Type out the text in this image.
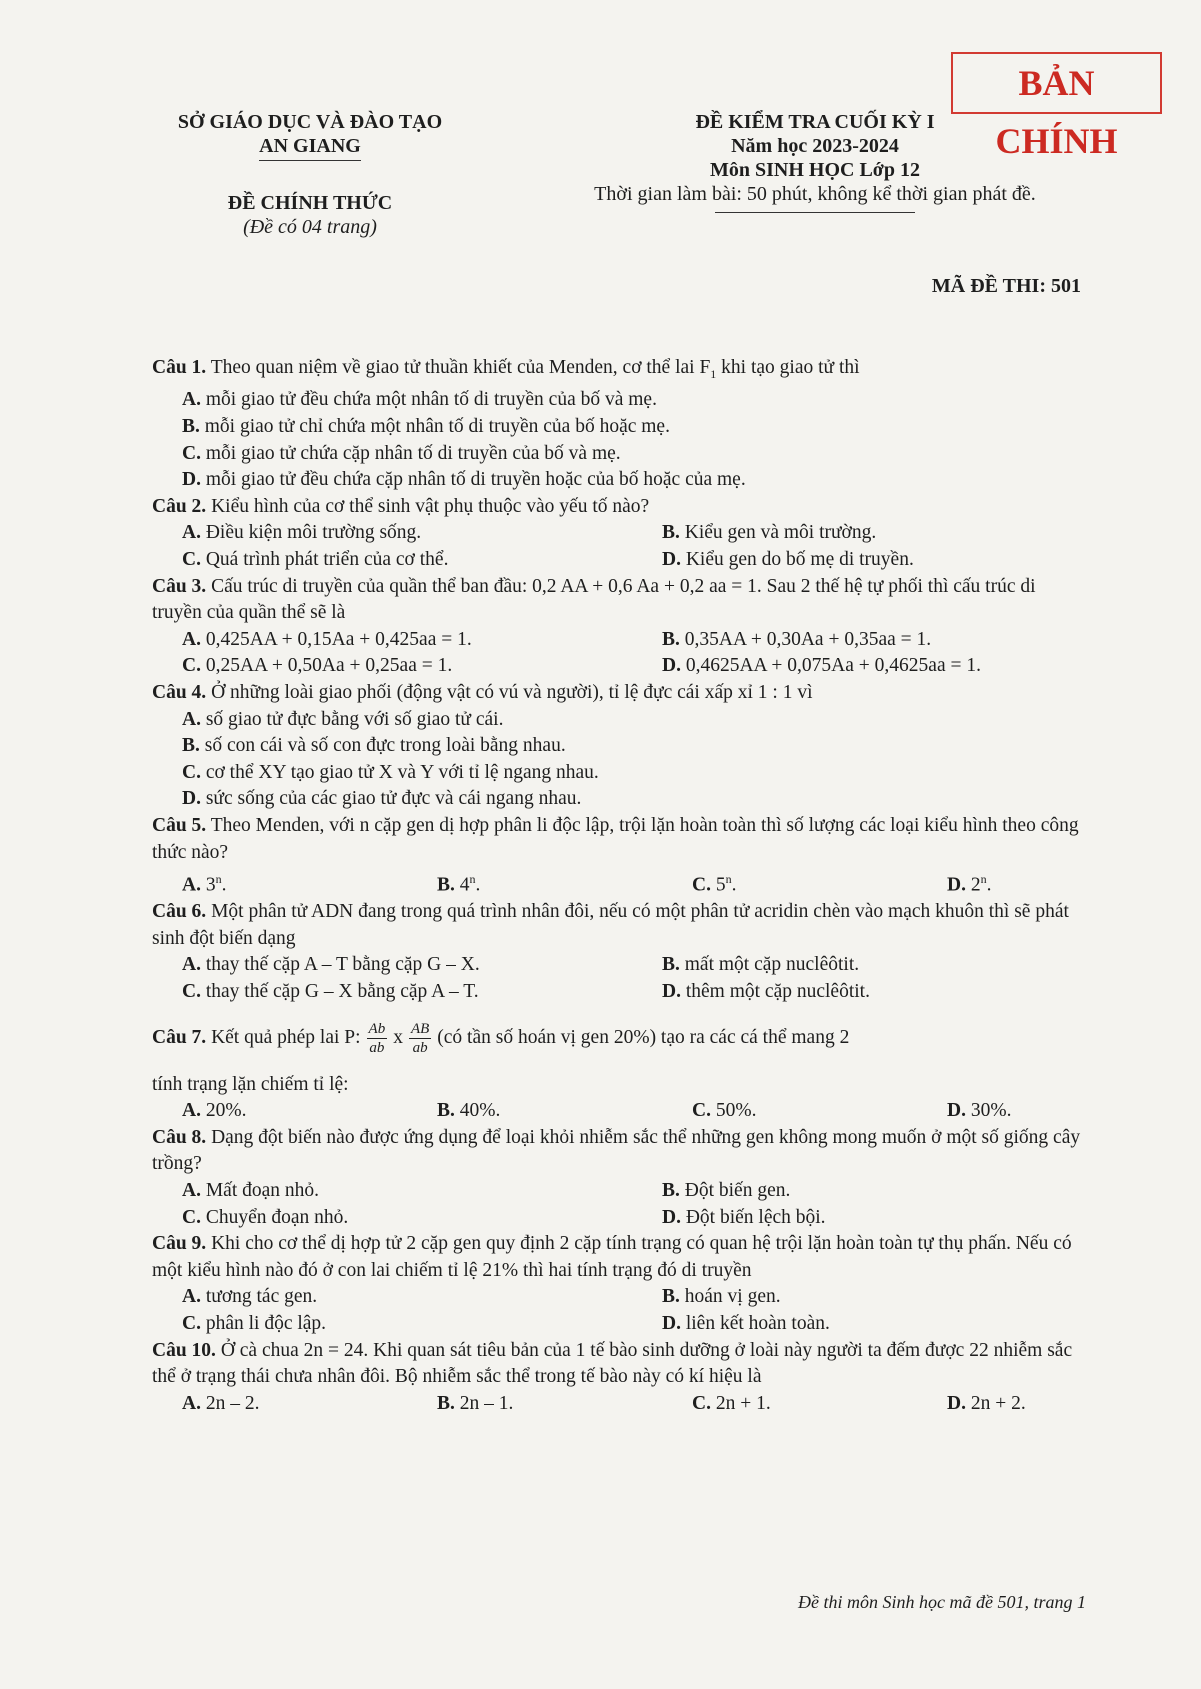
BẢN CHÍNH
SỞ GIÁO DỤC VÀ ĐÀO TẠO
AN GIANG
ĐỀ CHÍNH THỨC
(Đề có 04 trang)
ĐỀ KIỂM TRA CUỐI KỲ I
Năm học 2023-2024
Môn SINH HỌC Lớp 12
Thời gian làm bài: 50 phút, không kể thời gian phát đề.
MÃ ĐỀ THI: 501
Câu 1. Theo quan niệm về giao tử thuần khiết của Menden, cơ thể lai $F_1$ khi tạo giao tử thì
A. mỗi giao tử đều chứa một nhân tố di truyền của bố và mẹ.
B. mỗi giao tử chỉ chứa một nhân tố di truyền của bố hoặc mẹ.
C. mỗi giao tử chứa cặp nhân tố di truyền của bố và mẹ.
D. mỗi giao tử đều chứa cặp nhân tố di truyền hoặc của bố hoặc của mẹ.
Câu 2. Kiểu hình của cơ thể sinh vật phụ thuộc vào yếu tố nào?
A. Điều kiện môi trường sống.	B. Kiểu gen và môi trường.
C. Quá trình phát triển của cơ thể.	D. Kiểu gen do bố mẹ di truyền.
Câu 3. Cấu trúc di truyền của quần thể ban đầu: 0,2 AA + 0,6 Aa + 0,2 aa = 1. Sau 2 thế hệ tự phối thì cấu trúc di truyền của quần thể sẽ là
A. 0,425AA + 0,15Aa + 0,425aa = 1.	B. 0,35AA + 0,30Aa + 0,35aa = 1.
C. 0,25AA + 0,50Aa + 0,25aa = 1.	D. 0,4625AA + 0,075Aa + 0,4625aa = 1.
Câu 4. Ở những loài giao phối (động vật có vú và người), tỉ lệ đực cái xấp xỉ 1 : 1 vì
A. số giao tử đực bằng với số giao tử cái.
B. số con cái và số con đực trong loài bằng nhau.
C. cơ thể XY tạo giao tử X và Y với tỉ lệ ngang nhau.
D. sức sống của các giao tử đực và cái ngang nhau.
Câu 5. Theo Menden, với n cặp gen dị hợp phân li độc lập, trội lặn hoàn toàn thì số lượng các loại kiểu hình theo công thức nào?
A. 3$^n$.	B. 4$^n$.	C. 5$^n$.	D. 2$^n$.
Câu 6. Một phân tử ADN đang trong quá trình nhân đôi, nếu có một phân tử acridin chèn vào mạch khuôn thì sẽ phát sinh đột biến dạng
A. thay thế cặp A – T bằng cặp G – X.	B. mất một cặp nuclêôtit.
C. thay thế cặp G – X bằng cặp A – T.	D. thêm một cặp nuclêôtit.
Câu 7.
Kết quả phép lai P: $\frac{Ab}{ab}$ x $\frac{AB}{ab}$ (có tần số hoán vị gen 20%) tạo ra các cá thể mang 2
tính trạng lặn chiếm tỉ lệ:
A. 20%.	B. 40%.	C. 50%.	D. 30%.
Câu 8. Dạng đột biến nào được ứng dụng để loại khỏi nhiễm sắc thể những gen không mong muốn ở một số giống cây trồng?
A. Mất đoạn nhỏ.	B. Đột biến gen.
C. Chuyển đoạn nhỏ.	D. Đột biến lệch bội.
Câu 9. Khi cho cơ thể dị hợp tử 2 cặp gen quy định 2 cặp tính trạng có quan hệ trội lặn hoàn toàn tự thụ phấn. Nếu có một kiểu hình nào đó ở con lai chiếm tỉ lệ 21% thì hai tính trạng đó di truyền
A. tương tác gen.	B. hoán vị gen.
C. phân li độc lập.	D. liên kết hoàn toàn.
Câu 10. Ở cà chua 2n = 24. Khi quan sát tiêu bản của 1 tế bào sinh dưỡng ở loài này người ta đếm được 22 nhiễm sắc thể ở trạng thái chưa nhân đôi. Bộ nhiễm sắc thể trong tế bào này có kí hiệu là
A. 2n – 2.	B. 2n – 1.	C. 2n + 1.	D. 2n + 2.
Đề thi môn Sinh học mã đề 501, trang 1
